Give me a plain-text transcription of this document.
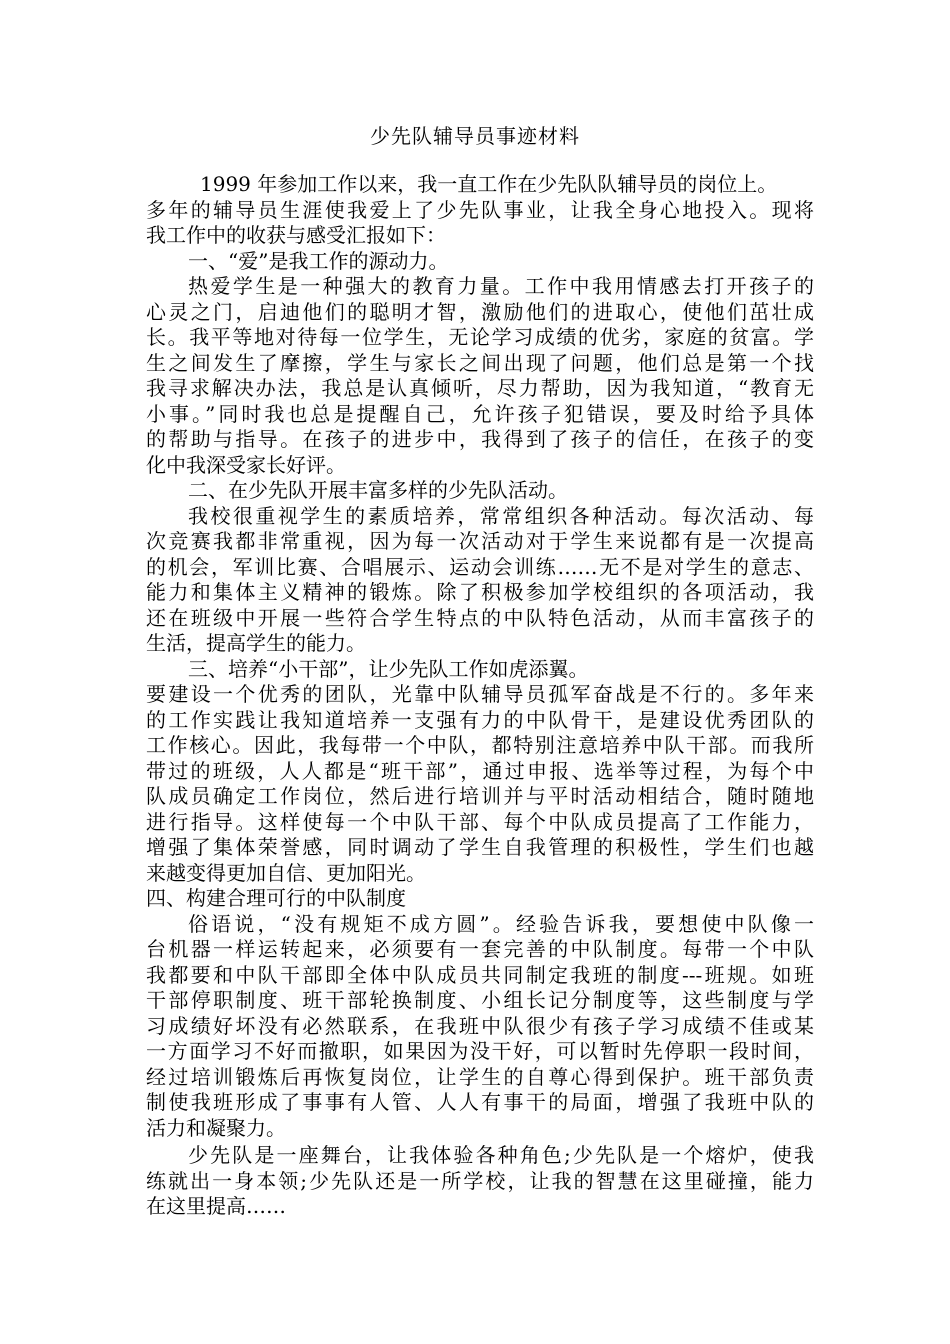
少先队辅导员事迹材料
1999 年参加工作以来，我一直工作在少先队队辅导员的岗位上。
多年的辅导员生涯使我爱上了少先队事业，让我全身心地投入。现将
我工作中的收获与感受汇报如下：
一、“爱”是我工作的源动力。
热爱学生是一种强大的教育力量。工作中我用情感去打开孩子的
心灵之门，启迪他们的聪明才智，激励他们的进取心，使他们茁壮成
长。我平等地对待每一位学生，无论学习成绩的优劣，家庭的贫富。学
生之间发生了摩擦，学生与家长之间出现了问题，他们总是第一个找
我寻求解决办法，我总是认真倾听，尽力帮助，因为我知道，“教育无
小事。”同时我也总是提醒自己，允许孩子犯错误，要及时给予具体
的帮助与指导。在孩子的进步中，我得到了孩子的信任，在孩子的变
化中我深受家长好评。
二、在少先队开展丰富多样的少先队活动。
我校很重视学生的素质培养，常常组织各种活动。每次活动、每
次竞赛我都非常重视，因为每一次活动对于学生来说都有是一次提高
的机会，军训比赛、合唱展示、运动会训练……无不是对学生的意志、
能力和集体主义精神的锻炼。除了积极参加学校组织的各项活动，我
还在班级中开展一些符合学生特点的中队特色活动，从而丰富孩子的
生活，提高学生的能力。
三、培养“小干部”，让少先队工作如虎添翼。
要建设一个优秀的团队，光靠中队辅导员孤军奋战是不行的。多年来
的工作实践让我知道培养一支强有力的中队骨干，是建设优秀团队的
工作核心。因此，我每带一个中队，都特别注意培养中队干部。而我所
带过的班级，人人都是“班干部”，通过申报、选举等过程，为每个中
队成员确定工作岗位，然后进行培训并与平时活动相结合，随时随地
进行指导。这样使每一个中队干部、每个中队成员提高了工作能力，
增强了集体荣誉感，同时调动了学生自我管理的积极性，学生们也越
来越变得更加自信、更加阳光。
四、构建合理可行的中队制度
俗语说，“没有规矩不成方圆”。经验告诉我，要想使中队像一
台机器一样运转起来，必须要有一套完善的中队制度。每带一个中队
我都要和中队干部即全体中队成员共同制定我班的制度---班规。如班
干部停职制度、班干部轮换制度、小组长记分制度等，这些制度与学
习成绩好坏没有必然联系，在我班中队很少有孩子学习成绩不佳或某
一方面学习不好而撤职，如果因为没干好，可以暂时先停职一段时间，
经过培训锻炼后再恢复岗位，让学生的自尊心得到保护。班干部负责
制使我班形成了事事有人管、人人有事干的局面，增强了我班中队的
活力和凝聚力。
少先队是一座舞台，让我体验各种角色;少先队是一个熔炉，使我
练就出一身本领;少先队还是一所学校，让我的智慧在这里碰撞，能力
在这里提高……
